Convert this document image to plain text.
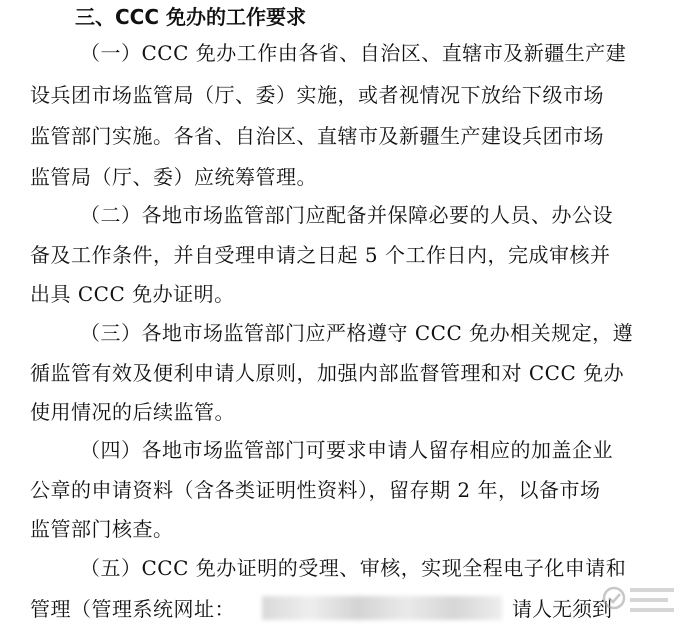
三、CCC 免办的工作要求

（一）CCC 免办工作由各省、自治区、直辖市及新疆生产建

设兵团市场监管局（厅、委）实施，或者视情况下放给下级市场

监管部门实施。各省、自治区、直辖市及新疆生产建设兵团市场

监管局（厅、委）应统筹管理。

（二）各地市场监管部门应配备并保障必要的人员、办公设

备及工作条件，并自受理申请之日起 5 个工作日内，完成审核并

出具 CCC 免办证明。

（三）各地市场监管部门应严格遵守 CCC 免办相关规定，遵

循监管有效及便利申请人原则，加强内部监督管理和对 CCC 免办

使用情况的后续监管。

（四）各地市场监管部门可要求申请人留存相应的加盖企业

公章的申请资料（含各类证明性资料），留存期 2 年，以备市场

监管部门核查。

（五）CCC 免办证明的受理、审核，实现全程电子化申请和

管理（管理系统网址：	请人无须到
